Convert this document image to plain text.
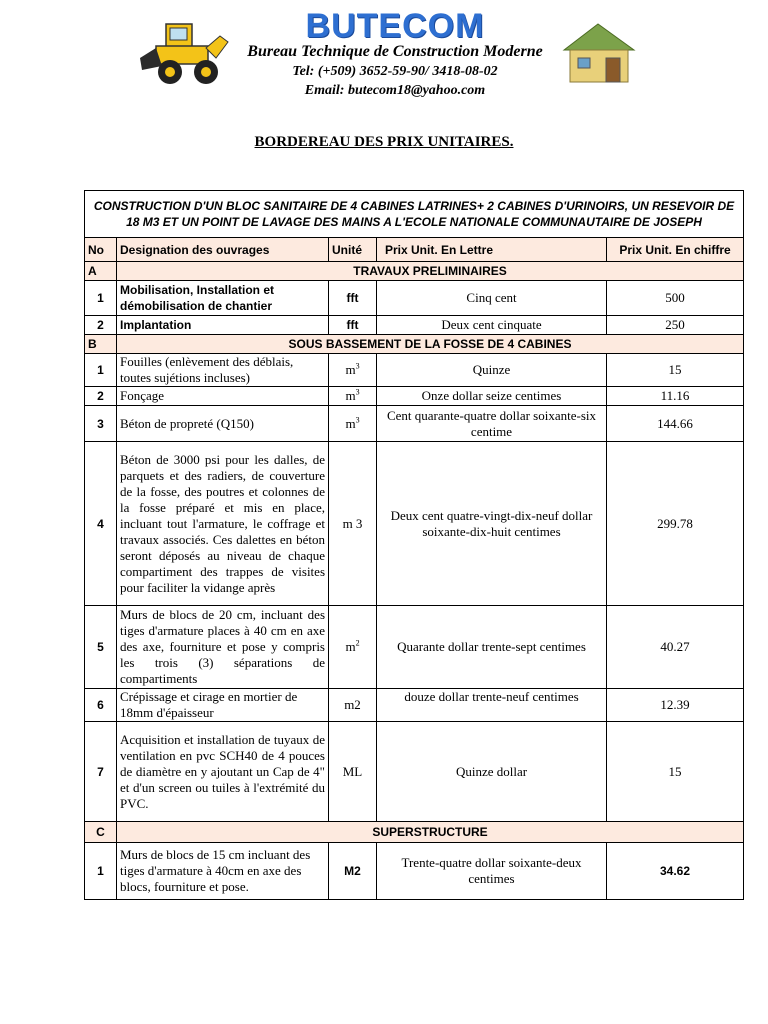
BUTECOM
Bureau Technique de Construction Moderne
Tel: (+509) 3652-59-90/ 3418-08-02
Email: butecom18@yahoo.com
BORDEREAU DES PRIX UNITAIRES.
CONSTRUCTION D'UN BLOC SANITAIRE DE 4 CABINES LATRINES+ 2 CABINES D'URINOIRS, UN RESEVOIR DE 18 M3 ET UN POINT DE LAVAGE DES MAINS A L'ECOLE NATIONALE COMMUNAUTAIRE DE JOSEPH				
No	Designation des ouvrages	Unité	Prix Unit. En Lettre	Prix Unit. En chiffre
A	TRAVAUX PRELIMINAIRES			
1	Mobilisation, Installation et démobilisation de chantier	fft	Cinq cent	500
2	Implantation	fft	Deux cent cinquate	250
B	SOUS BASSEMENT DE LA FOSSE DE 4 CABINES			
1	Fouilles (enlèvement des déblais, toutes sujétions incluses)	$m^3$	Quinze	15
2	Fonçage	$m^3$	Onze dollar seize centimes	11.16
3	Béton de propreté (Q150)	$m^3$	Cent quarante-quatre dollar soixante-six centime	144.66
4	Béton de 3000 psi pour les dalles, de parquets et des radiers, de couverture de la fosse, des poutres et colonnes de la fosse préparé et mis en place, incluant tout l'armature, le coffrage et travaux associés. Ces dalettes en béton seront déposés au niveau de chaque compartiment des trappes de visites pour faciliter la vidange après	m 3	Deux cent quatre-vingt-dix-neuf dollar soixante-dix-huit centimes	299.78
5	Murs de blocs de 20 cm, incluant des tiges d'armature places à 40 cm en axe des axe, fourniture et pose y compris les trois (3) séparations de compartiments	$m^2$	Quarante dollar trente-sept centimes	40.27
6	Crépissage et cirage en mortier de 18mm d'épaisseur	m2	douze dollar trente-neuf centimes	12.39
7	Acquisition et installation de tuyaux de ventilation en pvc SCH40 de 4 pouces de diamètre en y ajoutant un Cap de 4" et d'un screen ou tuiles à l'extrémité du PVC.	ML	Quinze dollar	15
C	SUPERSTRUCTURE			
1	Murs de blocs de 15 cm incluant des tiges d'armature à 40cm en axe des blocs, fourniture et pose.	M2	Trente-quatre dollar soixante-deux centimes	34.62
